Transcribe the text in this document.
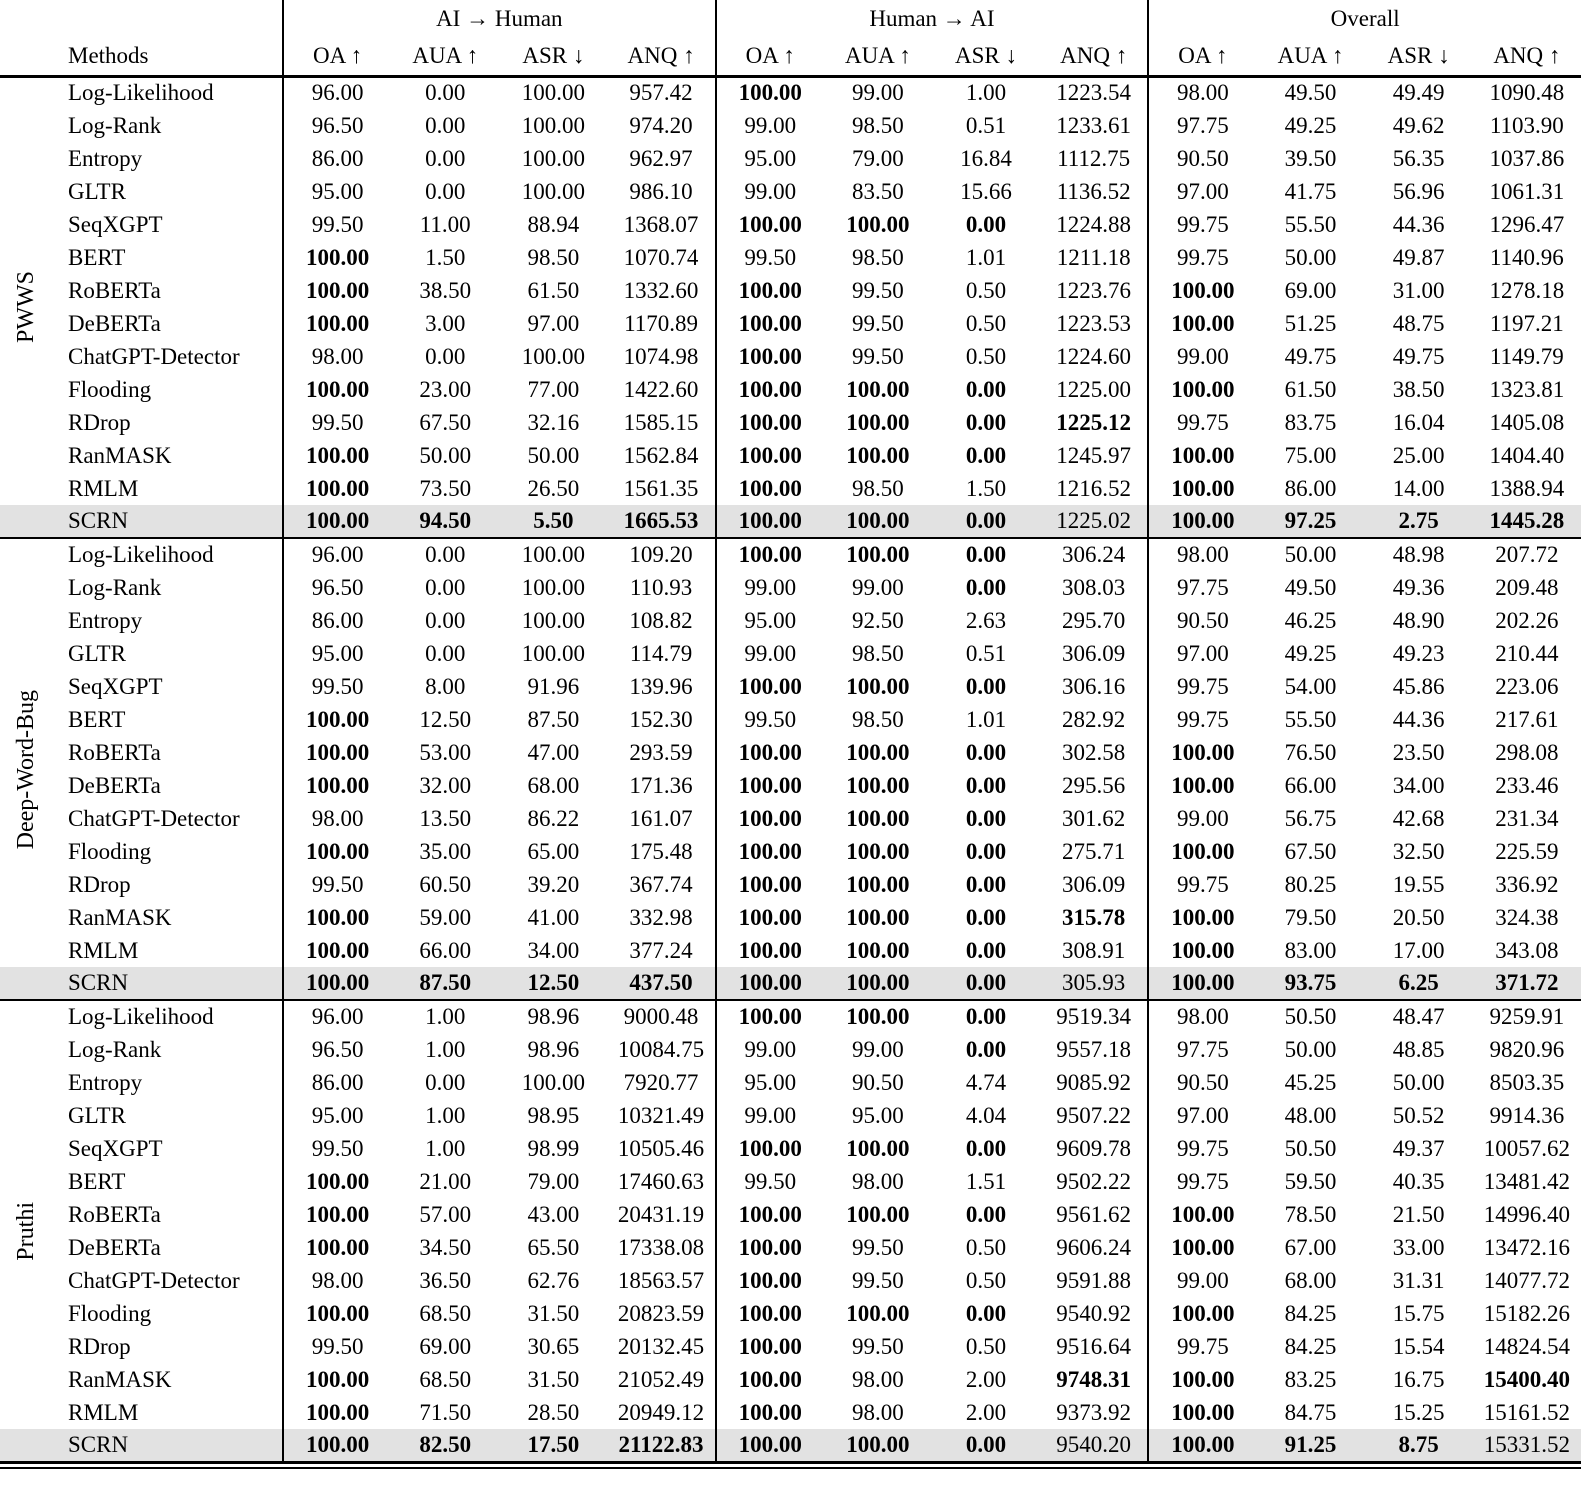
PWWS
Deep-Word-Bug
Pruthi
	AI → Human				Human → AI				Overall			
Methods	OA ↑	AUA ↑	ASR ↓	ANQ ↑	OA ↑	AUA ↑	ASR ↓	ANQ ↑	OA ↑	AUA ↑	ASR ↓	ANQ ↑
Log-Likelihood	96.00	0.00	100.00	957.42	100.00	99.00	1.00	1223.54	98.00	49.50	49.49	1090.48
Log-Rank	96.50	0.00	100.00	974.20	99.00	98.50	0.51	1233.61	97.75	49.25	49.62	1103.90
Entropy	86.00	0.00	100.00	962.97	95.00	79.00	16.84	1112.75	90.50	39.50	56.35	1037.86
GLTR	95.00	0.00	100.00	986.10	99.00	83.50	15.66	1136.52	97.00	41.75	56.96	1061.31
SeqXGPT	99.50	11.00	88.94	1368.07	100.00	100.00	0.00	1224.88	99.75	55.50	44.36	1296.47
BERT	100.00	1.50	98.50	1070.74	99.50	98.50	1.01	1211.18	99.75	50.00	49.87	1140.96
RoBERTa	100.00	38.50	61.50	1332.60	100.00	99.50	0.50	1223.76	100.00	69.00	31.00	1278.18
DeBERTa	100.00	3.00	97.00	1170.89	100.00	99.50	0.50	1223.53	100.00	51.25	48.75	1197.21
ChatGPT-Detector	98.00	0.00	100.00	1074.98	100.00	99.50	0.50	1224.60	99.00	49.75	49.75	1149.79
Flooding	100.00	23.00	77.00	1422.60	100.00	100.00	0.00	1225.00	100.00	61.50	38.50	1323.81
RDrop	99.50	67.50	32.16	1585.15	100.00	100.00	0.00	1225.12	99.75	83.75	16.04	1405.08
RanMASK	100.00	50.00	50.00	1562.84	100.00	100.00	0.00	1245.97	100.00	75.00	25.00	1404.40
RMLM	100.00	73.50	26.50	1561.35	100.00	98.50	1.50	1216.52	100.00	86.00	14.00	1388.94
SCRN	100.00	94.50	5.50	1665.53	100.00	100.00	0.00	1225.02	100.00	97.25	2.75	1445.28
Log-Likelihood	96.00	0.00	100.00	109.20	100.00	100.00	0.00	306.24	98.00	50.00	48.98	207.72
Log-Rank	96.50	0.00	100.00	110.93	99.00	99.00	0.00	308.03	97.75	49.50	49.36	209.48
Entropy	86.00	0.00	100.00	108.82	95.00	92.50	2.63	295.70	90.50	46.25	48.90	202.26
GLTR	95.00	0.00	100.00	114.79	99.00	98.50	0.51	306.09	97.00	49.25	49.23	210.44
SeqXGPT	99.50	8.00	91.96	139.96	100.00	100.00	0.00	306.16	99.75	54.00	45.86	223.06
BERT	100.00	12.50	87.50	152.30	99.50	98.50	1.01	282.92	99.75	55.50	44.36	217.61
RoBERTa	100.00	53.00	47.00	293.59	100.00	100.00	0.00	302.58	100.00	76.50	23.50	298.08
DeBERTa	100.00	32.00	68.00	171.36	100.00	100.00	0.00	295.56	100.00	66.00	34.00	233.46
ChatGPT-Detector	98.00	13.50	86.22	161.07	100.00	100.00	0.00	301.62	99.00	56.75	42.68	231.34
Flooding	100.00	35.00	65.00	175.48	100.00	100.00	0.00	275.71	100.00	67.50	32.50	225.59
RDrop	99.50	60.50	39.20	367.74	100.00	100.00	0.00	306.09	99.75	80.25	19.55	336.92
RanMASK	100.00	59.00	41.00	332.98	100.00	100.00	0.00	315.78	100.00	79.50	20.50	324.38
RMLM	100.00	66.00	34.00	377.24	100.00	100.00	0.00	308.91	100.00	83.00	17.00	343.08
SCRN	100.00	87.50	12.50	437.50	100.00	100.00	0.00	305.93	100.00	93.75	6.25	371.72
Log-Likelihood	96.00	1.00	98.96	9000.48	100.00	100.00	0.00	9519.34	98.00	50.50	48.47	9259.91
Log-Rank	96.50	1.00	98.96	10084.75	99.00	99.00	0.00	9557.18	97.75	50.00	48.85	9820.96
Entropy	86.00	0.00	100.00	7920.77	95.00	90.50	4.74	9085.92	90.50	45.25	50.00	8503.35
GLTR	95.00	1.00	98.95	10321.49	99.00	95.00	4.04	9507.22	97.00	48.00	50.52	9914.36
SeqXGPT	99.50	1.00	98.99	10505.46	100.00	100.00	0.00	9609.78	99.75	50.50	49.37	10057.62
BERT	100.00	21.00	79.00	17460.63	99.50	98.00	1.51	9502.22	99.75	59.50	40.35	13481.42
RoBERTa	100.00	57.00	43.00	20431.19	100.00	100.00	0.00	9561.62	100.00	78.50	21.50	14996.40
DeBERTa	100.00	34.50	65.50	17338.08	100.00	99.50	0.50	9606.24	100.00	67.00	33.00	13472.16
ChatGPT-Detector	98.00	36.50	62.76	18563.57	100.00	99.50	0.50	9591.88	99.00	68.00	31.31	14077.72
Flooding	100.00	68.50	31.50	20823.59	100.00	100.00	0.00	9540.92	100.00	84.25	15.75	15182.26
RDrop	99.50	69.00	30.65	20132.45	100.00	99.50	0.50	9516.64	99.75	84.25	15.54	14824.54
RanMASK	100.00	68.50	31.50	21052.49	100.00	98.00	2.00	9748.31	100.00	83.25	16.75	15400.40
RMLM	100.00	71.50	28.50	20949.12	100.00	98.00	2.00	9373.92	100.00	84.75	15.25	15161.52
SCRN	100.00	82.50	17.50	21122.83	100.00	100.00	0.00	9540.20	100.00	91.25	8.75	15331.52
